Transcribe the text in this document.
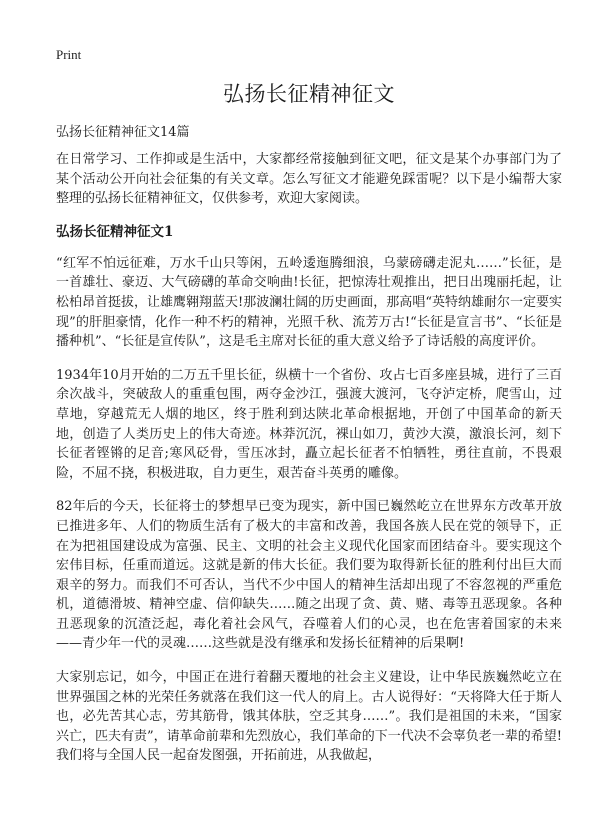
Print
弘扬长征精神征文
弘扬长征精神征文14篇

在日常学习、工作抑或是生活中，大家都经常接触到征文吧，征文是某个办事部门为了某个活动公开向社会征集的有关文章。怎么写征文才能避免踩雷呢？以下是小编帮大家整理的弘扬长征精神征文，仅供参考，欢迎大家阅读。

弘扬长征精神征文1

“红军不怕远征难，万水千山只等闲，五岭逶迤腾细浪，乌蒙磅礴走泥丸……”长征，是一首雄壮、豪迈、大气磅礴的革命交响曲!长征，把惊涛壮观推出，把日出瑰丽托起，让松柏昂首挺拔，让雄鹰翱翔蓝天!那波澜壮阔的历史画面，那高唱“英特纳雄耐尔一定要实现”的肝胆豪情，化作一种不朽的精神，光照千秋、流芳万古!“长征是宣言书”、“长征是播种机”、“长征是宣传队”，这是毛主席对长征的重大意义给予了诗话般的高度评价。

1934年10月开始的二万五千里长征，纵横十一个省份、攻占七百多座县城，进行了三百余次战斗，突破敌人的重重包围，两夺金沙江，强渡大渡河，飞夺泸定桥，爬雪山，过草地，穿越荒无人烟的地区，终于胜利到达陕北革命根据地，开创了中国革命的新天地，创造了人类历史上的伟大奇迹。林莽沉沉，裸山如刀，黄沙大漠，激浪长河，刻下长征者铿锵的足音;寒风砭骨，雪压冰封，矗立起长征者不怕牺牲，勇往直前，不畏艰险，不屈不挠，积极进取，自力更生，艰苦奋斗英勇的雕像。

82年后的今天，长征将士的梦想早已变为现实，新中国已巍然屹立在世界东方改革开放已推进多年、人们的物质生活有了极大的丰富和改善，我国各族人民在党的领导下，正在为把祖国建设成为富强、民主、文明的社会主义现代化国家而团结奋斗。要实现这个宏伟目标，任重而道远。这就是新的伟大长征。我们要为取得新长征的胜利付出巨大而艰辛的努力。而我们不可否认，当代不少中国人的精神生活却出现了不容忽视的严重危机，道德滑坡、精神空虚、信仰缺失……随之出现了贪、黄、赌、毒等丑恶现象。各种丑恶现象的沉渣泛起，毒化着社会风气，吞噬着人们的心灵，也在危害着国家的未来——青少年一代的灵魂……这些就是没有继承和发扬长征精神的后果啊!

大家别忘记，如今，中国正在进行着翻天覆地的社会主义建设，让中华民族巍然屹立在世界强国之林的光荣任务就落在我们这一代人的肩上。古人说得好：“天将降大任于斯人也，必先苦其心志，劳其筋骨，饿其体肤，空乏其身……”。我们是祖国的未来，“国家兴亡，匹夫有责”，请革命前辈和先烈放心，我们革命的下一代决不会辜负老一辈的希望!我们将与全国人民一起奋发图强，开拓前进，从我做起，
